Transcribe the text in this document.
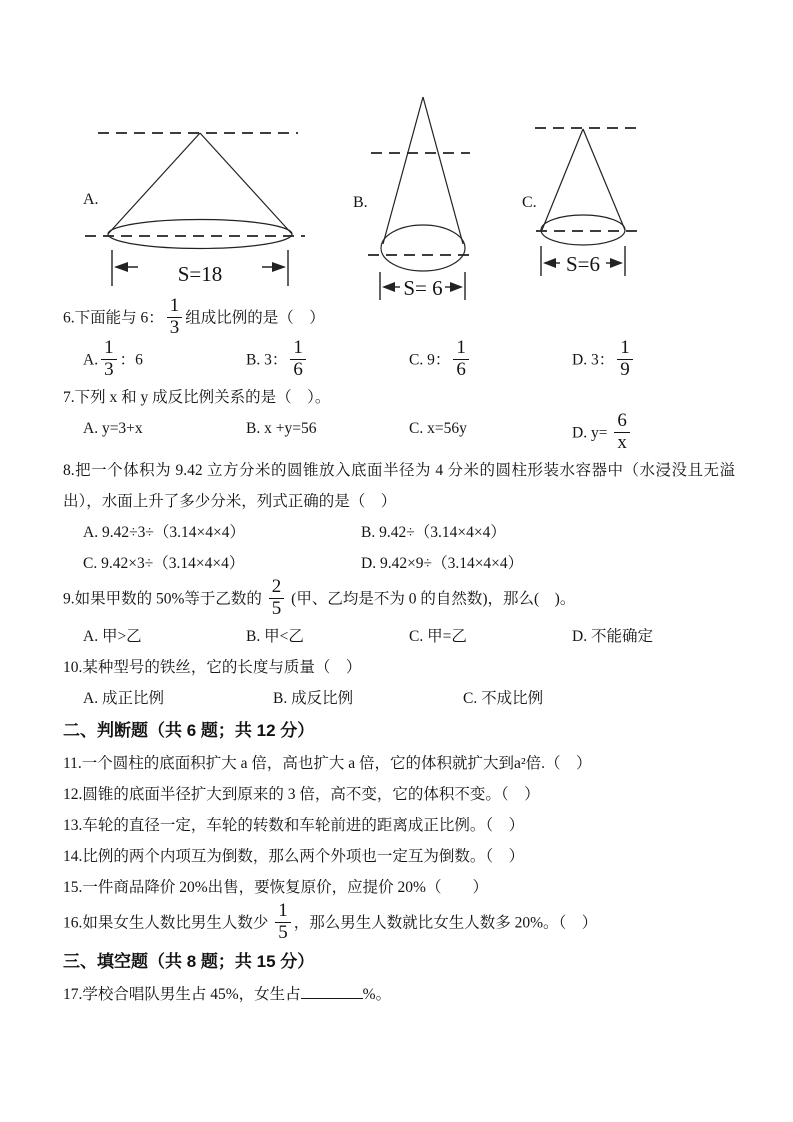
S=18
A.
S= 6
B.
S=6
C.
6.下面能与 6： $\frac{1}{3}$ 组成比例的是（　）
A. $\frac{1}{3}$ ：6	B. 3： $\frac{1}{6}$	C. 9： $\frac{1}{6}$	D. 3： $\frac{1}{9}$
7.下列 x 和 y 成反比例关系的是（　）。
A. y=3+x	B. x +y=56	C. x=56y	D. $y= \frac{6}{x}$
8.把一个体积为 9.42 立方分米的圆锥放入底面半径为 4 分米的圆柱形装水容器中（水浸没且无溢出），水面上升了多少分米，列式正确的是（　）
A. 9.42÷3÷（3.14×4×4）	B. 9.42÷（3.14×4×4）
C. 9.42×3÷（3.14×4×4）	D. 9.42×9÷（3.14×4×4）
9.如果甲数的 50%等于乙数的 $\frac{2}{5}$ (甲、乙均是不为 0 的自然数)，那么(　)。
A. 甲>乙	B. 甲<乙	C. 甲=乙	D. 不能确定
10.某种型号的铁丝，它的长度与质量（　）
A. 成正比例	B. 成反比例	C. 不成比例
二、判断题（共 6 题；共 12 分）
11.一个圆柱的底面积扩大 a 倍，高也扩大 a 倍，它的体积就扩大到a²倍.（　）
12.圆锥的底面半径扩大到原来的 3 倍，高不变，它的体积不变。（　）
13.车轮的直径一定，车轮的转数和车轮前进的距离成正比例。（　）
14.比例的两个内项互为倒数，那么两个外项也一定互为倒数。（　）
15.一件商品降价 20%出售，要恢复原价，应提价 20%（　　）
16.如果女生人数比男生人数少 $\frac{1}{5}$ ，那么男生人数就比女生人数多 20%。（　）
三、填空题（共 8 题；共 15 分）
17.学校合唱队男生占 45%，女生占	%。
